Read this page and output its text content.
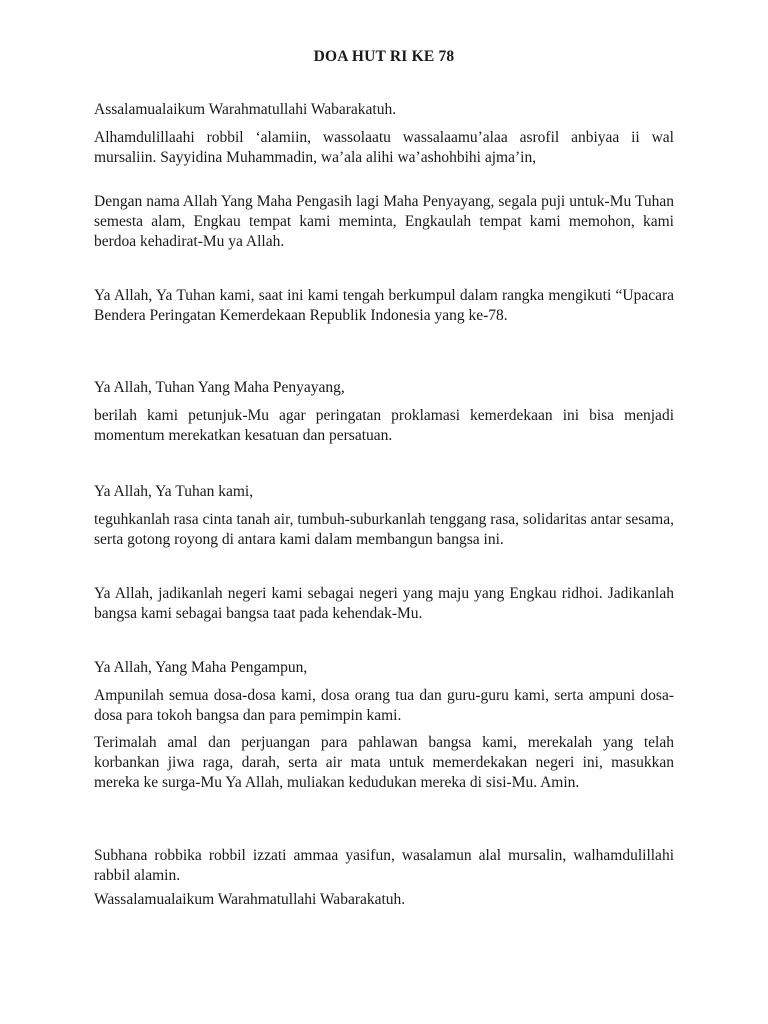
DOA HUT RI KE 78

Assalamualaikum Warahmatullahi Wabarakatuh.

Alhamdulillaahi robbil ‘alamiin, wassolaatu wassalaamu’alaa asrofil anbiyaa ii wal mursaliin. Sayyidina Muhammadin, wa’ala alihi wa’ashohbihi ajma’in,

Dengan nama Allah Yang Maha Pengasih lagi Maha Penyayang, segala puji untuk-Mu Tuhan semesta alam, Engkau tempat kami meminta, Engkaulah tempat kami memohon, kami berdoa kehadirat-Mu ya Allah.

Ya Allah, Ya Tuhan kami, saat ini kami tengah berkumpul dalam rangka mengikuti “Upacara Bendera Peringatan Kemerdekaan Republik Indonesia yang ke-78.

Ya Allah, Tuhan Yang Maha Penyayang,

berilah kami petunjuk-Mu agar peringatan proklamasi kemerdekaan ini bisa menjadi momentum merekatkan kesatuan dan persatuan.

Ya Allah, Ya Tuhan kami,

teguhkanlah rasa cinta tanah air, tumbuh-suburkanlah tenggang rasa, solidaritas antar sesama, serta gotong royong di antara kami dalam membangun bangsa ini.

Ya Allah, jadikanlah negeri kami sebagai negeri yang maju yang Engkau ridhoi. Jadikanlah bangsa kami sebagai bangsa taat pada kehendak-Mu.

Ya Allah, Yang Maha Pengampun,

Ampunilah semua dosa-dosa kami, dosa orang tua dan guru-guru kami, serta ampuni dosa-dosa para tokoh bangsa dan para pemimpin kami.

Terimalah amal dan perjuangan para pahlawan bangsa kami, merekalah yang telah korbankan jiwa raga, darah, serta air mata untuk memerdekakan negeri ini, masukkan mereka ke surga-Mu Ya Allah, muliakan kedudukan mereka di sisi-Mu. Amin.

Subhana robbika robbil izzati ammaa yasifun, wasalamun alal mursalin, walhamdulillahi rabbil alamin.

Wassalamualaikum Warahmatullahi Wabarakatuh.
